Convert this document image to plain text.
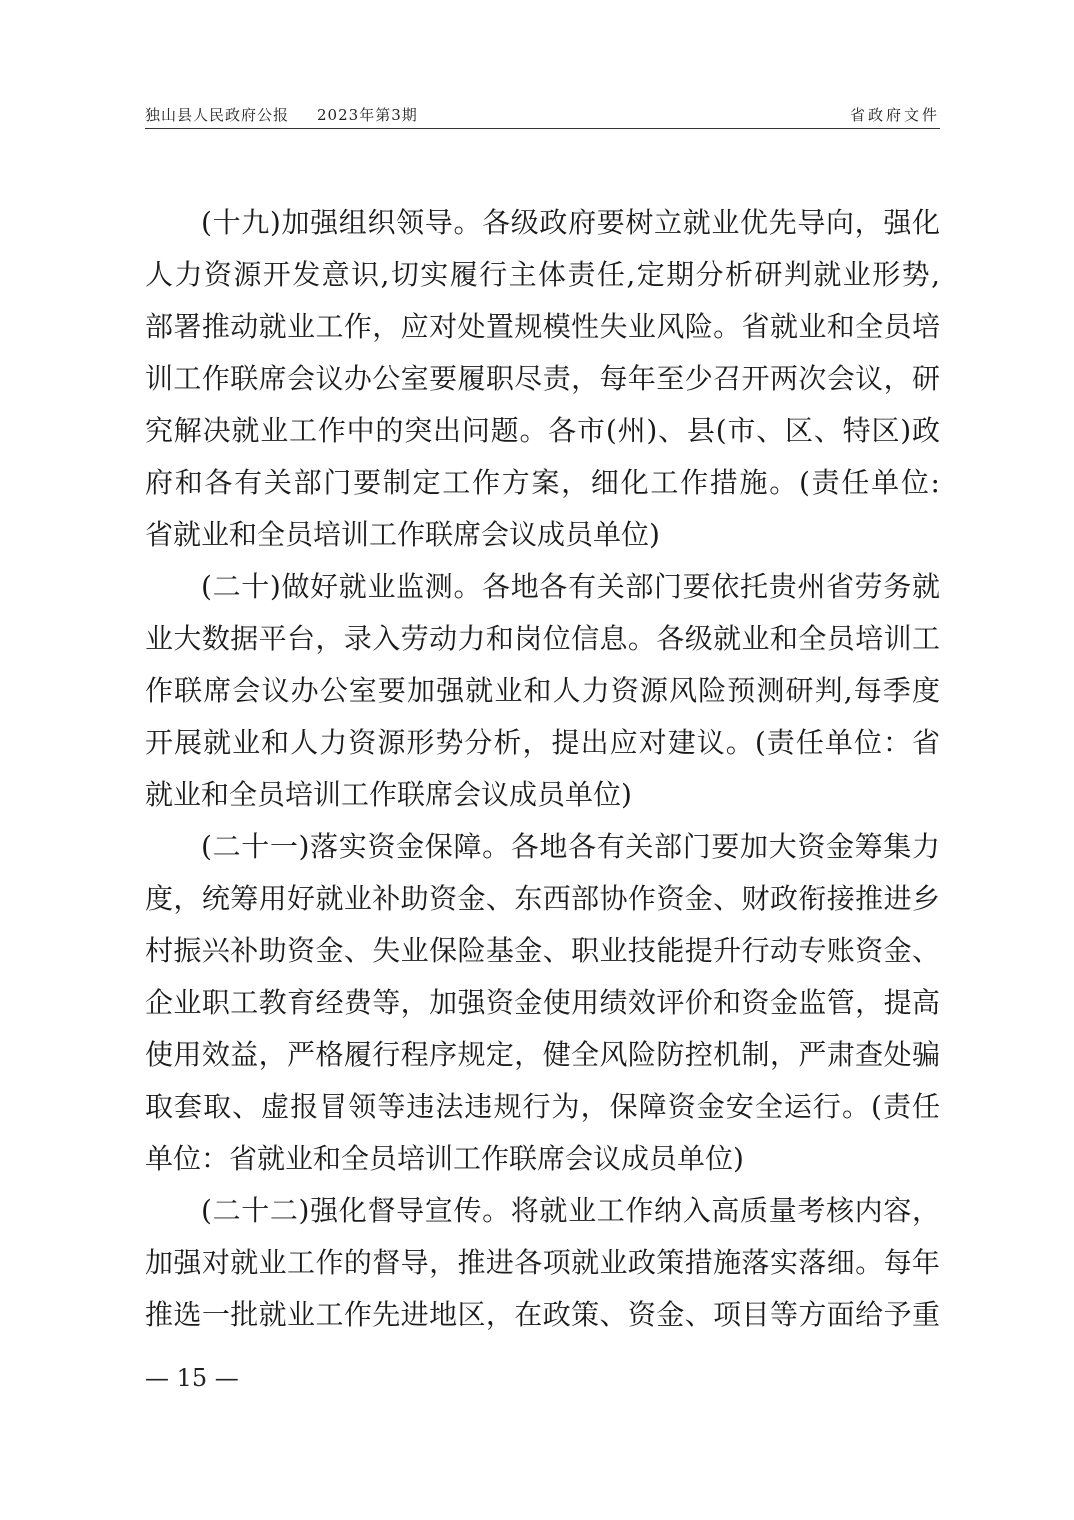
独山县人民政府公报 2023年第3期	省政府文件
(十九)加强组织领导。各级政府要树立就业优先导向，强化
人力资源开发意识,切实履行主体责任,定期分析研判就业形势,
部署推动就业工作，应对处置规模性失业风险。省就业和全员培
训工作联席会议办公室要履职尽责，每年至少召开两次会议，研
究解决就业工作中的突出问题。各市(州)、县(市、区、特区)政
府和各有关部门要制定工作方案，细化工作措施。(责任单位:
省就业和全员培训工作联席会议成员单位)
(二十)做好就业监测。各地各有关部门要依托贵州省劳务就
业大数据平台，录入劳动力和岗位信息。各级就业和全员培训工
作联席会议办公室要加强就业和人力资源风险预测研判,每季度
开展就业和人力资源形势分析，提出应对建议。(责任单位：省
就业和全员培训工作联席会议成员单位)
(二十一)落实资金保障。各地各有关部门要加大资金筹集力
度，统筹用好就业补助资金、东西部协作资金、财政衔接推进乡
村振兴补助资金、失业保险基金、职业技能提升行动专账资金、
企业职工教育经费等，加强资金使用绩效评价和资金监管，提高
使用效益，严格履行程序规定，健全风险防控机制，严肃查处骗
取套取、虚报冒领等违法违规行为，保障资金安全运行。(责任
单位：省就业和全员培训工作联席会议成员单位)
(二十二)强化督导宣传。将就业工作纳入高质量考核内容，
加强对就业工作的督导，推进各项就业政策措施落实落细。每年
推选一批就业工作先进地区，在政策、资金、项目等方面给予重
— 15 —
